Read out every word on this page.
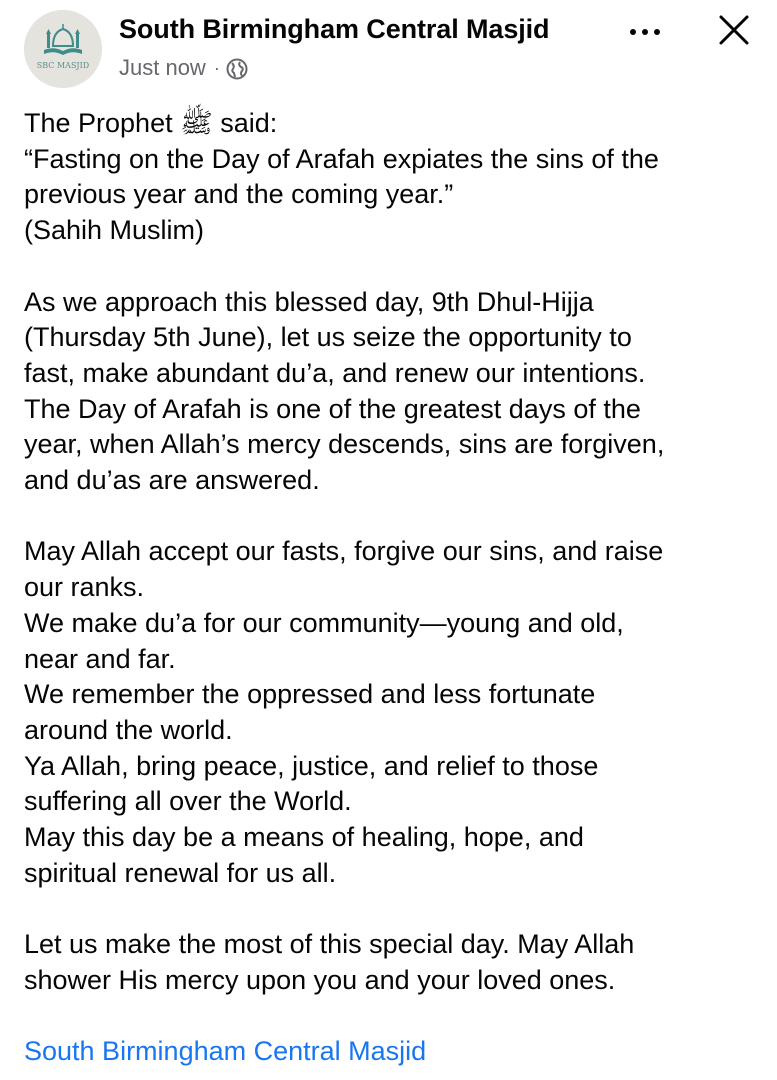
SBC MASJID
South Birmingham Central Masjid
Just now ·

The Prophet ﷺ said:

“Fasting on the Day of Arafah expiates the sins of the

previous year and the coming year.”

(Sahih Muslim)

As we approach this blessed day, 9th Dhul-Hijja

(Thursday 5th June), let us seize the opportunity to

fast, make abundant du’a, and renew our intentions.

The Day of Arafah is one of the greatest days of the

year, when Allah’s mercy descends, sins are forgiven,

and du’as are answered.

May Allah accept our fasts, forgive our sins, and raise

our ranks.

We make du’a for our community—young and old,

near and far.

We remember the oppressed and less fortunate

around the world.

Ya Allah, bring peace, justice, and relief to those

suffering all over the World.

May this day be a means of healing, hope, and

spiritual renewal for us all.

Let us make the most of this special day. May Allah

shower His mercy upon you and your loved ones.

South Birmingham Central Masjid
